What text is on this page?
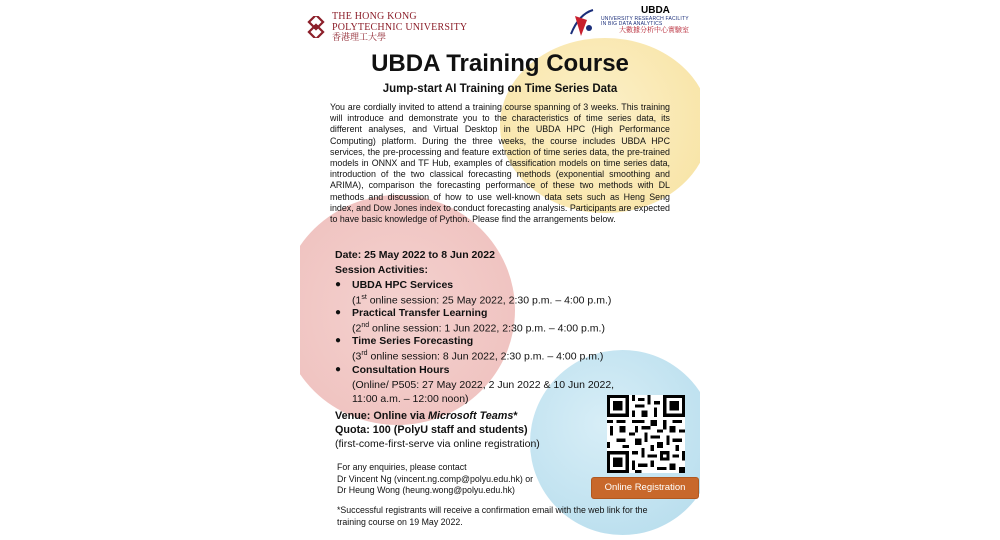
THE HONG KONG
POLYTECHNIC UNIVERSITY
香港理工大學
UBDA
UNIVERSITY RESEARCH FACILITY
IN BIG DATA ANALYTICS
大數據分析中心實驗室
UBDA Training Course
Jump-start AI Training on Time Series Data
You are cordially invited to attend a training course spanning of 3 weeks. This training will introduce and demonstrate you to the characteristics of time series data, its different analyses, and Virtual Desktop in the UBDA HPC (High Performance Computing) platform. During the three weeks, the course includes UBDA HPC services, the pre-processing and feature extraction of time series data, the pre-trained models in ONNX and TF Hub, examples of classification models on time series data, introduction of the two classical forecasting methods (exponential smoothing and ARIMA), comparison the forecasting performance of these two methods with DL methods and discussion of how to use well-known data sets such as Heng Seng index, and Dow Jones index to conduct forecasting analysis. Participants are expected to have basic knowledge of Python. Please find the arrangements below.
Date: 25 May 2022 to 8 Jun 2022
Session Activities:
● UBDA HPC Services
(1st online session: 25 May 2022, 2:30 p.m. – 4:00 p.m.)
● Practical Transfer Learning
(2nd online session: 1 Jun 2022, 2:30 p.m. – 4:00 p.m.)
● Time Series Forecasting
(3rd online session: 8 Jun 2022, 2:30 p.m. – 4:00 p.m.)
● Consultation Hours
(Online/ P505: 27 May 2022, 2 Jun 2022 & 10 Jun 2022,
11:00 a.m. – 12:00 noon)
Venue: Online via Microsoft Teams*
Quota: 100 (PolyU staff and students)
(first-come-first-serve via online registration)
For any enquiries, please contact
Dr Vincent Ng (vincent.ng.comp@polyu.edu.hk) or
Dr Heung Wong (heung.wong@polyu.edu.hk)
*Successful registrants will receive a confirmation email with the web link for the training course on 19 May 2022.
Online Registration
